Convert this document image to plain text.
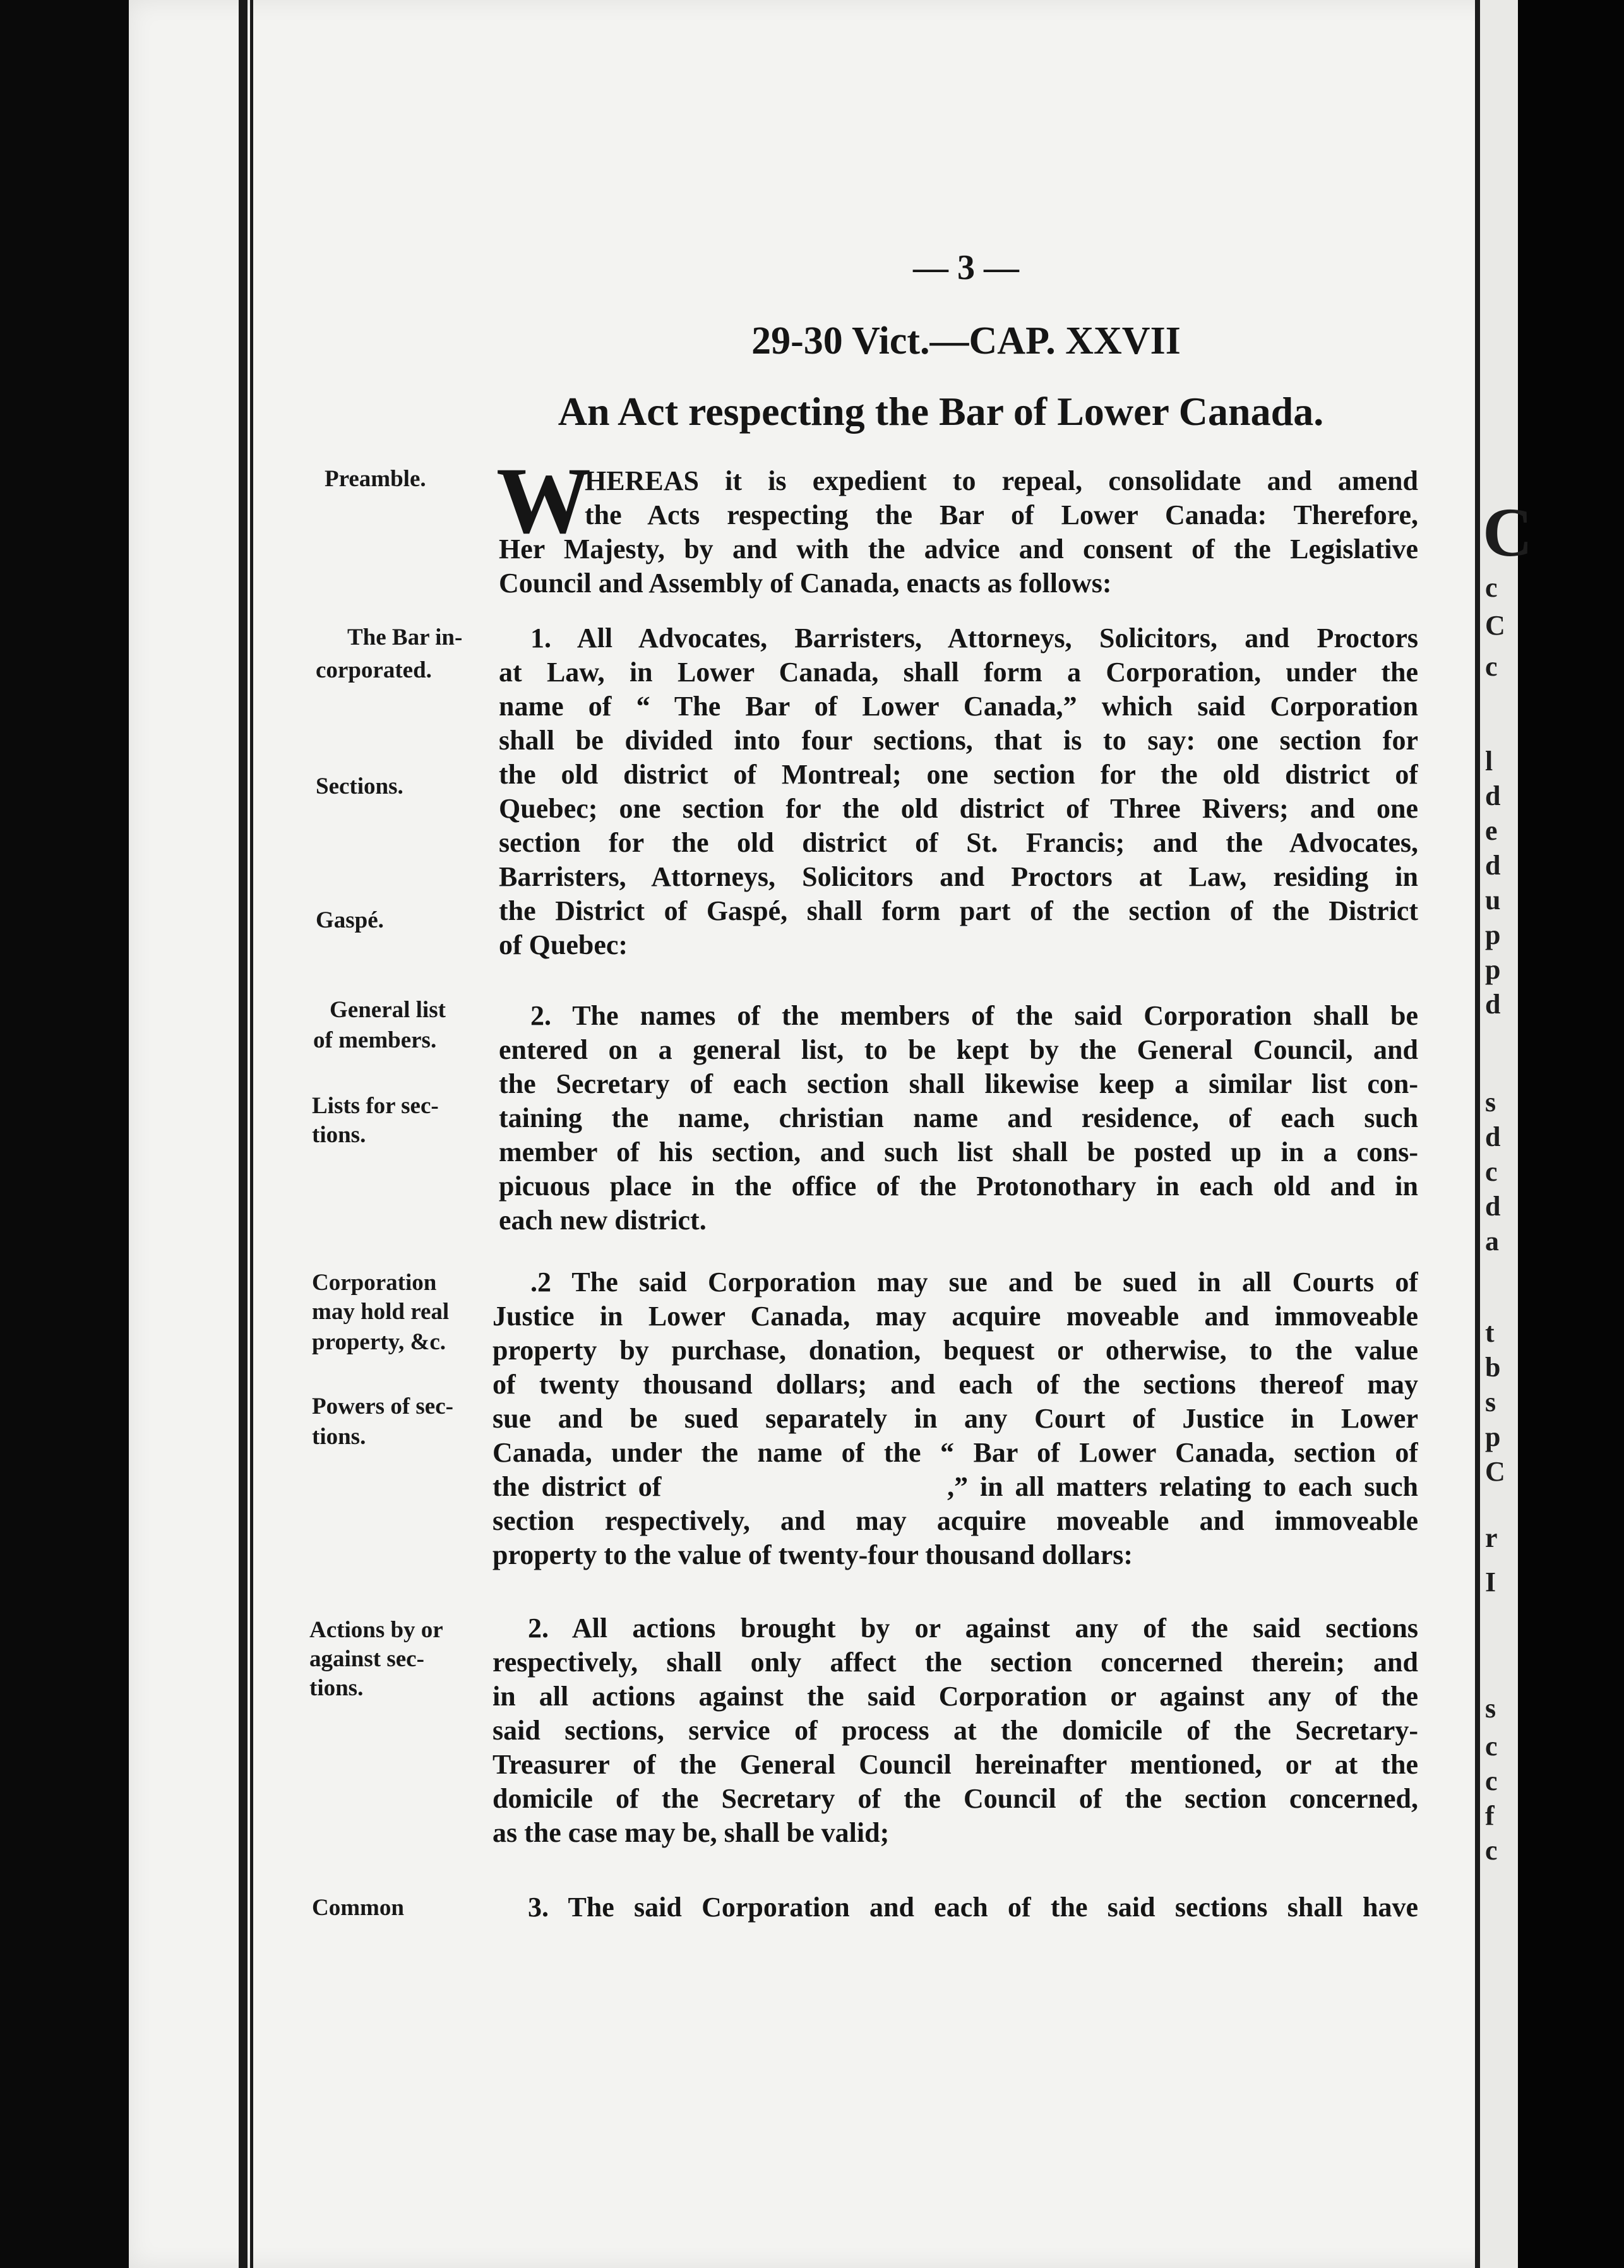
— 3 —
29-30 Vict.—CAP. XXVII
An Act respecting the Bar of Lower Canada.
Preamble.
The Bar in-
corporated.
Sections.
Gaspé.
General list
of members.
Lists for sec-
tions.
Corporation
may hold real
property, &c.
Powers of sec-
tions.
Actions by or
against sec-
tions.
Common
W
HEREAS it is expedient to repeal, consolidate and amend
the Acts respecting the Bar of Lower Canada: Therefore,
Her Majesty, by and with the advice and consent of the Legislative
Council and Assembly of Canada, enacts as follows:
1. All Advocates, Barristers, Attorneys, Solicitors, and Proctors
at Law, in Lower Canada, shall form a Corporation, under the
name of “ The Bar of Lower Canada,” which said Corporation
shall be divided into four sections, that is to say: one section for
the old district of Montreal; one section for the old district of
Quebec; one section for the old district of Three Rivers; and one
section for the old district of St. Francis; and the Advocates,
Barristers, Attorneys, Solicitors and Proctors at Law, residing in
the District of Gaspé, shall form part of the section of the District
of Quebec:
2. The names of the members of the said Corporation shall be
entered on a general list, to be kept by the General Council, and
the Secretary of each section shall likewise keep a similar list con-
taining the name, christian name and residence, of each such
member of his section, and such list shall be posted up in a cons-
picuous place in the office of the Protonothary in each old and in
each new district.
.2 The said Corporation may sue and be sued in all Courts of
Justice in Lower Canada, may acquire moveable and immoveable
property by purchase, donation, bequest or otherwise, to the value
of twenty thousand dollars; and each of the sections thereof may
sue and be sued separately in any Court of Justice in Lower
Canada, under the name of the “ Bar of Lower Canada, section of
the district of                        ,” in all matters relating to each such
section respectively, and may acquire moveable and immoveable
property to the value of twenty-four thousand dollars:
2. All actions brought by or against any of the said sections
respectively, shall only affect the section concerned therein; and
in all actions against the said Corporation or against any of the
said sections, service of process at the domicile of the Secretary-
Treasurer of the General Council hereinafter mentioned, or at the
domicile of the Secretary of the Council of the section concerned,
as the case may be, shall be valid;
3. The said Corporation and each of the said sections shall have
C
c
C
c
l
d
e
d
u
p
p
d
s
d
c
d
a
t
b
s
p
C
r
I
s
c
c
f
c
